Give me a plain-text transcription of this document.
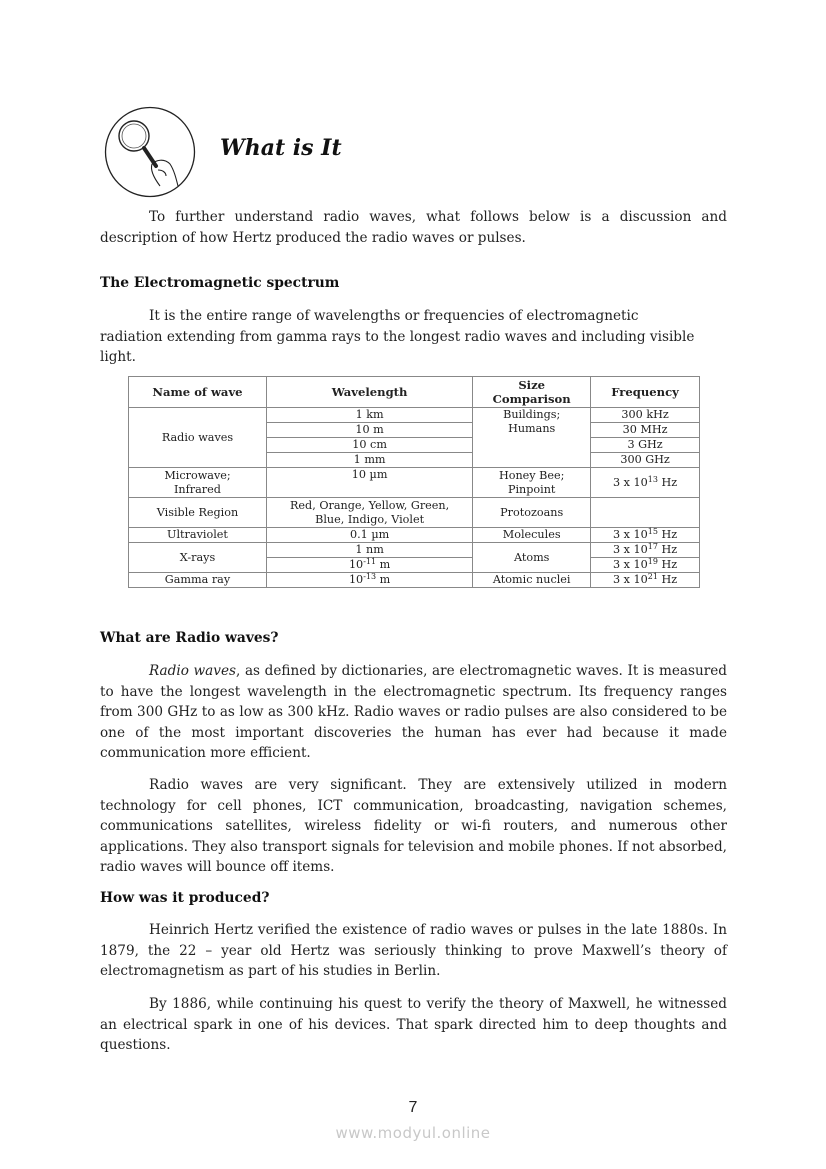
What is It

To further understand radio waves, what follows below is a discussion and description of how Hertz produced the radio waves or pulses.

The Electromagnetic spectrum

It is the entire range of wavelengths or frequencies of electromagnetic radiation extending from gamma rays to the longest radio waves and including visible light.

Name of wave	Wavelength	Size Comparison	Frequency
Radio waves	1 km	Buildings; Humans	300 kHz
	10 m		30 MHz
	10 cm		3 GHz
	1 mm		300 GHz
Microwave; Infrared	10 µm	Honey Bee; Pinpoint	3 x $10^{13}$ Hz
Visible Region	Red, Orange, Yellow, Green, Blue, Indigo, Violet	Protozoans	
Ultraviolet	0.1 µm	Molecules	3 x $10^{15}$ Hz
X-rays	1 nm	Atoms	3 x $10^{17}$ Hz
	$10^{-11}$ m		3 x $10^{19}$ Hz
Gamma ray	$10^{-13}$ m	Atomic nuclei	3 x $10^{21}$ Hz
What are Radio waves?

Radio waves, as defined by dictionaries, are electromagnetic waves. It is measured to have the longest wavelength in the electromagnetic spectrum. Its frequency ranges from 300 GHz to as low as 300 kHz. Radio waves or radio pulses are also considered to be one of the most important discoveries the human has ever had because it made communication more efficient.

Radio waves are very significant. They are extensively utilized in modern technology for cell phones, ICT communication, broadcasting, navigation schemes, communications satellites, wireless fidelity or wi-fi routers, and numerous other applications. They also transport signals for television and mobile phones. If not absorbed, radio waves will bounce off items.

How was it produced?

Heinrich Hertz verified the existence of radio waves or pulses in the late 1880s. In 1879, the 22 – year old Hertz was seriously thinking to prove Maxwell’s theory of electromagnetism as part of his studies in Berlin.

By 1886, while continuing his quest to verify the theory of Maxwell, he witnessed an electrical spark in one of his devices. That spark directed him to deep thoughts and questions.

7
www.modyul.online
